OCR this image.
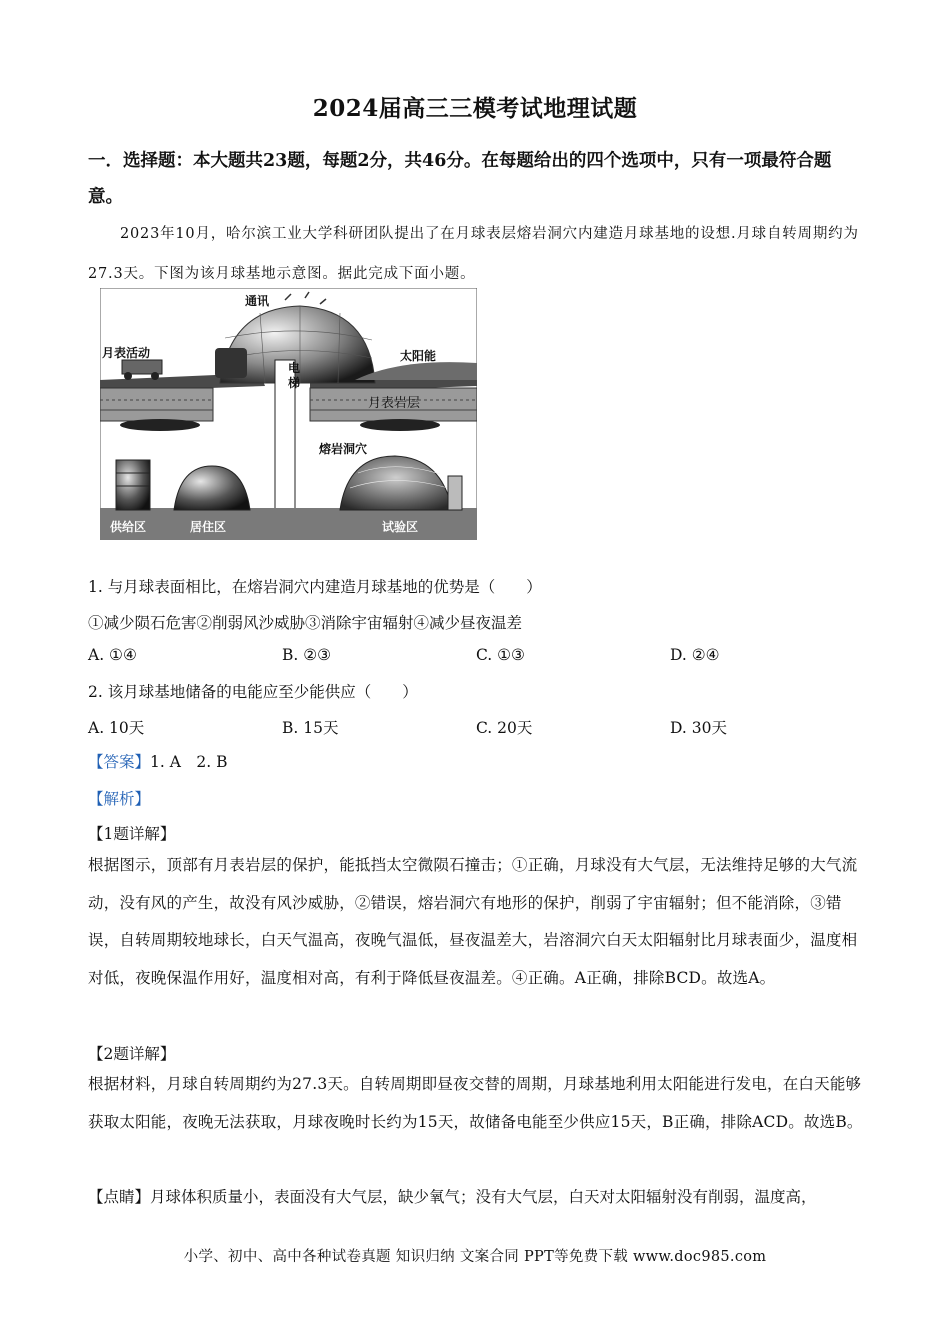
2024届高三三模考试地理试题
一．选择题：本大题共23题，每题2分，共46分。在每题给出的四个选项中，只有一项最符合题意。
2023年10月，哈尔滨工业大学科研团队提出了在月球表层熔岩洞穴内建造月球基地的设想.月球自转周期约为27.3天。下图为该月球基地示意图。据此完成下面小题。
通讯
月表活动	太阳能
电梯
月表岩层
熔岩洞穴
供给区	居住区	试验区
1. 与月球表面相比，在熔岩洞穴内建造月球基地的优势是（　　）
①减少陨石危害②削弱风沙威胁③消除宇宙辐射④减少昼夜温差
A. ①④	B. ②③	C. ①③	D. ②④
2. 该月球基地储备的电能应至少能供应（　　）
A. 10天	B. 15天	C. 20天	D. 30天
【答案】1. A　2. B
【解析】
【1题详解】
根据图示，顶部有月表岩层的保护，能抵挡太空微陨石撞击；①正确，月球没有大气层，无法维持足够的大气流动，没有风的产生，故没有风沙威胁，②错误，熔岩洞穴有地形的保护，削弱了宇宙辐射；但不能消除，③错误，自转周期较地球长，白天气温高，夜晚气温低，昼夜温差大，岩溶洞穴白天太阳辐射比月球表面少，温度相对低，夜晚保温作用好，温度相对高，有利于降低昼夜温差。④正确。A正确，排除BCD。故选A。
【2题详解】
根据材料，月球自转周期约为27.3天。自转周期即昼夜交替的周期，月球基地利用太阳能进行发电，在白天能够获取太阳能，夜晚无法获取，月球夜晚时长约为15天，故储备电能至少供应15天，B正确，排除ACD。故选B。
【点睛】月球体积质量小，表面没有大气层，缺少氧气；没有大气层，白天对太阳辐射没有削弱，温度高，
小学、初中、高中各种试卷真题 知识归纳 文案合同 PPT等免费下载 www.doc985.com
